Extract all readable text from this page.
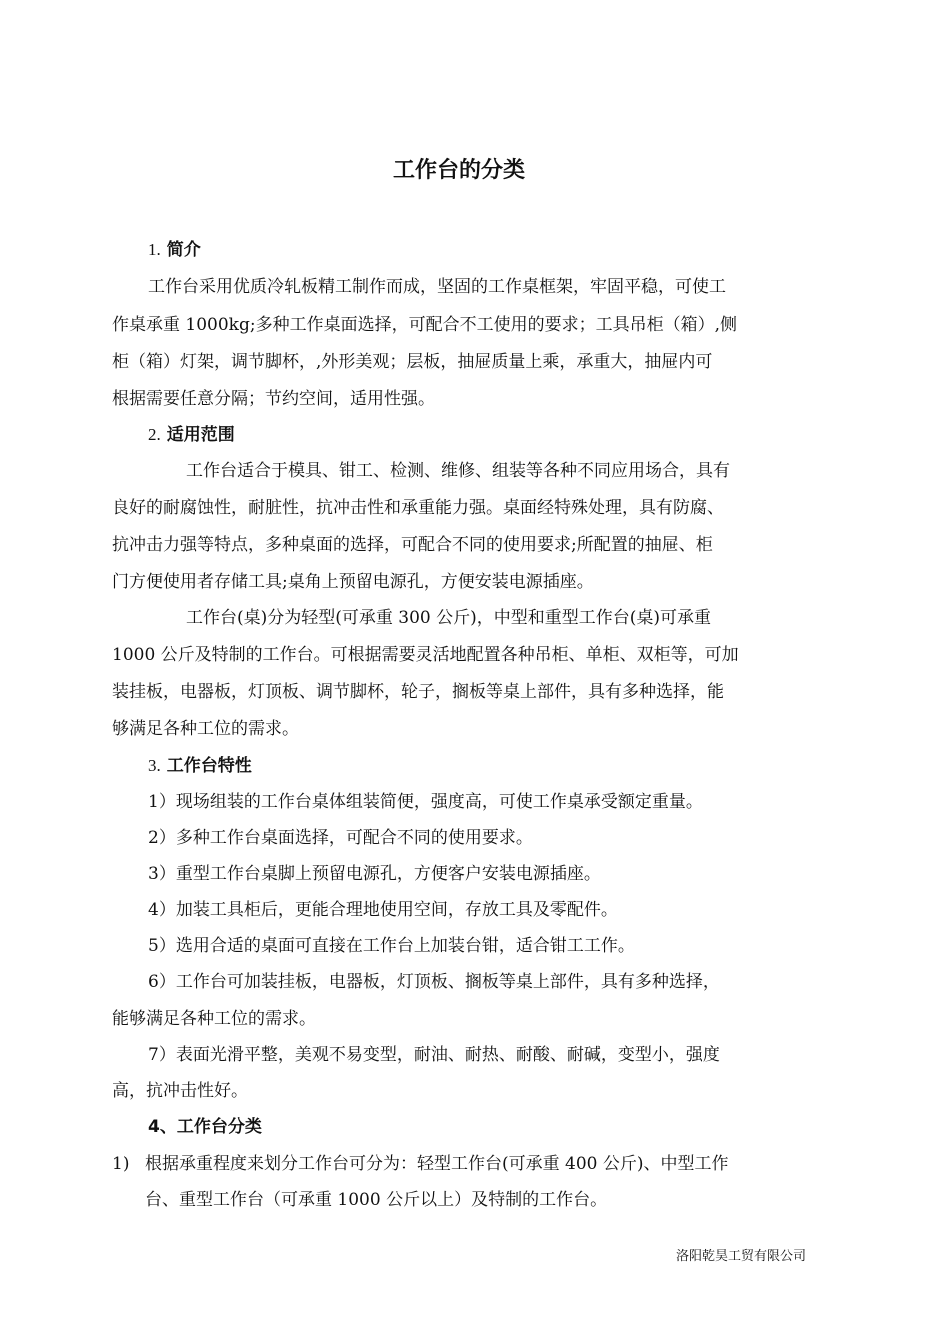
工作台的分类
1. 简介
工作台采用优质冷轧板精工制作而成，坚固的工作桌框架，牢固平稳，可使工
作桌承重 1000kg;多种工作桌面选择，可配合不工使用的要求；工具吊柜（箱）,侧
柜（箱）灯架，调节脚杯，,外形美观；层板，抽屉质量上乘，承重大，抽屉内可
根据需要任意分隔；节约空间，适用性强。
2. 适用范围
工作台适合于模具、钳工、检测、维修、组装等各种不同应用场合，具有
良好的耐腐蚀性，耐脏性，抗冲击性和承重能力强。桌面经特殊处理，具有防腐、
抗冲击力强等特点，多种桌面的选择，可配合不同的使用要求;所配置的抽屉、柜
门方便使用者存储工具;桌角上预留电源孔，方便安装电源插座。
工作台(桌)分为轻型(可承重 300 公斤)，中型和重型工作台(桌)可承重
1000 公斤及特制的工作台。可根据需要灵活地配置各种吊柜、单柜、双柜等，可加
装挂板，电器板，灯顶板、调节脚杯，轮子，搁板等桌上部件，具有多种选择，能
够满足各种工位的需求。
3. 工作台特性
1）现场组装的工作台桌体组装简便，强度高，可使工作桌承受额定重量。
2）多种工作台桌面选择，可配合不同的使用要求。
3）重型工作台桌脚上预留电源孔，方便客户安装电源插座。
4）加装工具柜后，更能合理地使用空间，存放工具及零配件。
5）选用合适的桌面可直接在工作台上加装台钳，适合钳工工作。
6）工作台可加装挂板，电器板，灯顶板、搁板等桌上部件，具有多种选择，
能够满足各种工位的需求。
7）表面光滑平整，美观不易变型，耐油、耐热、耐酸、耐碱，变型小，强度
高，抗冲击性好。
4、工作台分类
1) 根据承重程度来划分工作台可分为：轻型工作台(可承重 400 公斤)、中型工作
台、重型工作台（可承重 1000 公斤以上）及特制的工作台。
洛阳乾昊工贸有限公司
